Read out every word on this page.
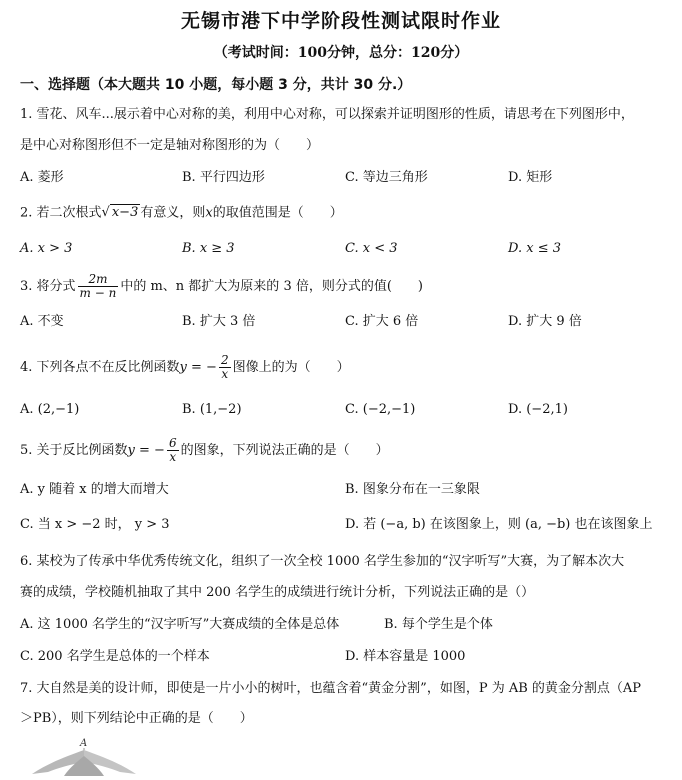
无锡市港下中学阶段性测试限时作业
（考试时间：100分钟，总分：120分）
一、选择题（本大题共 10 小题，每小题 3 分，共计 30 分.）
1. 雪花、风车...展示着中心对称的美，利用中心对称，可以探索并证明图形的性质，请思考在下列图形中，
是中心对称图形但不一定是轴对称图形的为（　　）
A. 菱形	B. 平行四边形	C. 等边三角形	D. 矩形
2. 若二次根式√ x−3 有意义，则x的取值范围是（　　）
A. x > 3	B. x ≥ 3	C. x < 3	D. x ≤ 3
3. 将分式 $\frac{2m}{m - n}$ 中的 m、n 都扩大为原来的 3 倍，则分式的值(　　)
A. 不变	B. 扩大 3 倍	C. 扩大 6 倍	D. 扩大 9 倍
4. 下列各点不在反比例函数y = − $\frac{2}{x}$ 图像上的为（　　）
A. (2,−1)	B. (1,−2)	C. (−2,−1)	D. (−2,1)
5. 关于反比例函数y = − $\frac{6}{x}$ 的图象，下列说法正确的是（　　）
A. y 随着 x 的增大而增大	B. 图象分布在一三象限
C. 当 x > −2 时， y > 3	D. 若 (−a, b) 在该图象上，则 (a, −b) 也在该图象上
6. 某校为了传承中华优秀传统文化，组织了一次全校 1000 名学生参加的“汉字听写”大赛，为了解本次大
赛的成绩，学校随机抽取了其中 200 名学生的成绩进行统计分析，下列说法正确的是（）
A. 这 1000 名学生的“汉字听写”大赛成绩的全体是总体	B. 每个学生是个体
C. 200 名学生是总体的一个样本	D. 样本容量是 1000
7. 大自然是美的设计师，即使是一片小小的树叶，也蕴含着“黄金分割”，如图，P 为 AB 的黄金分割点（AP
＞PB），则下列结论中正确的是（　　）
A
